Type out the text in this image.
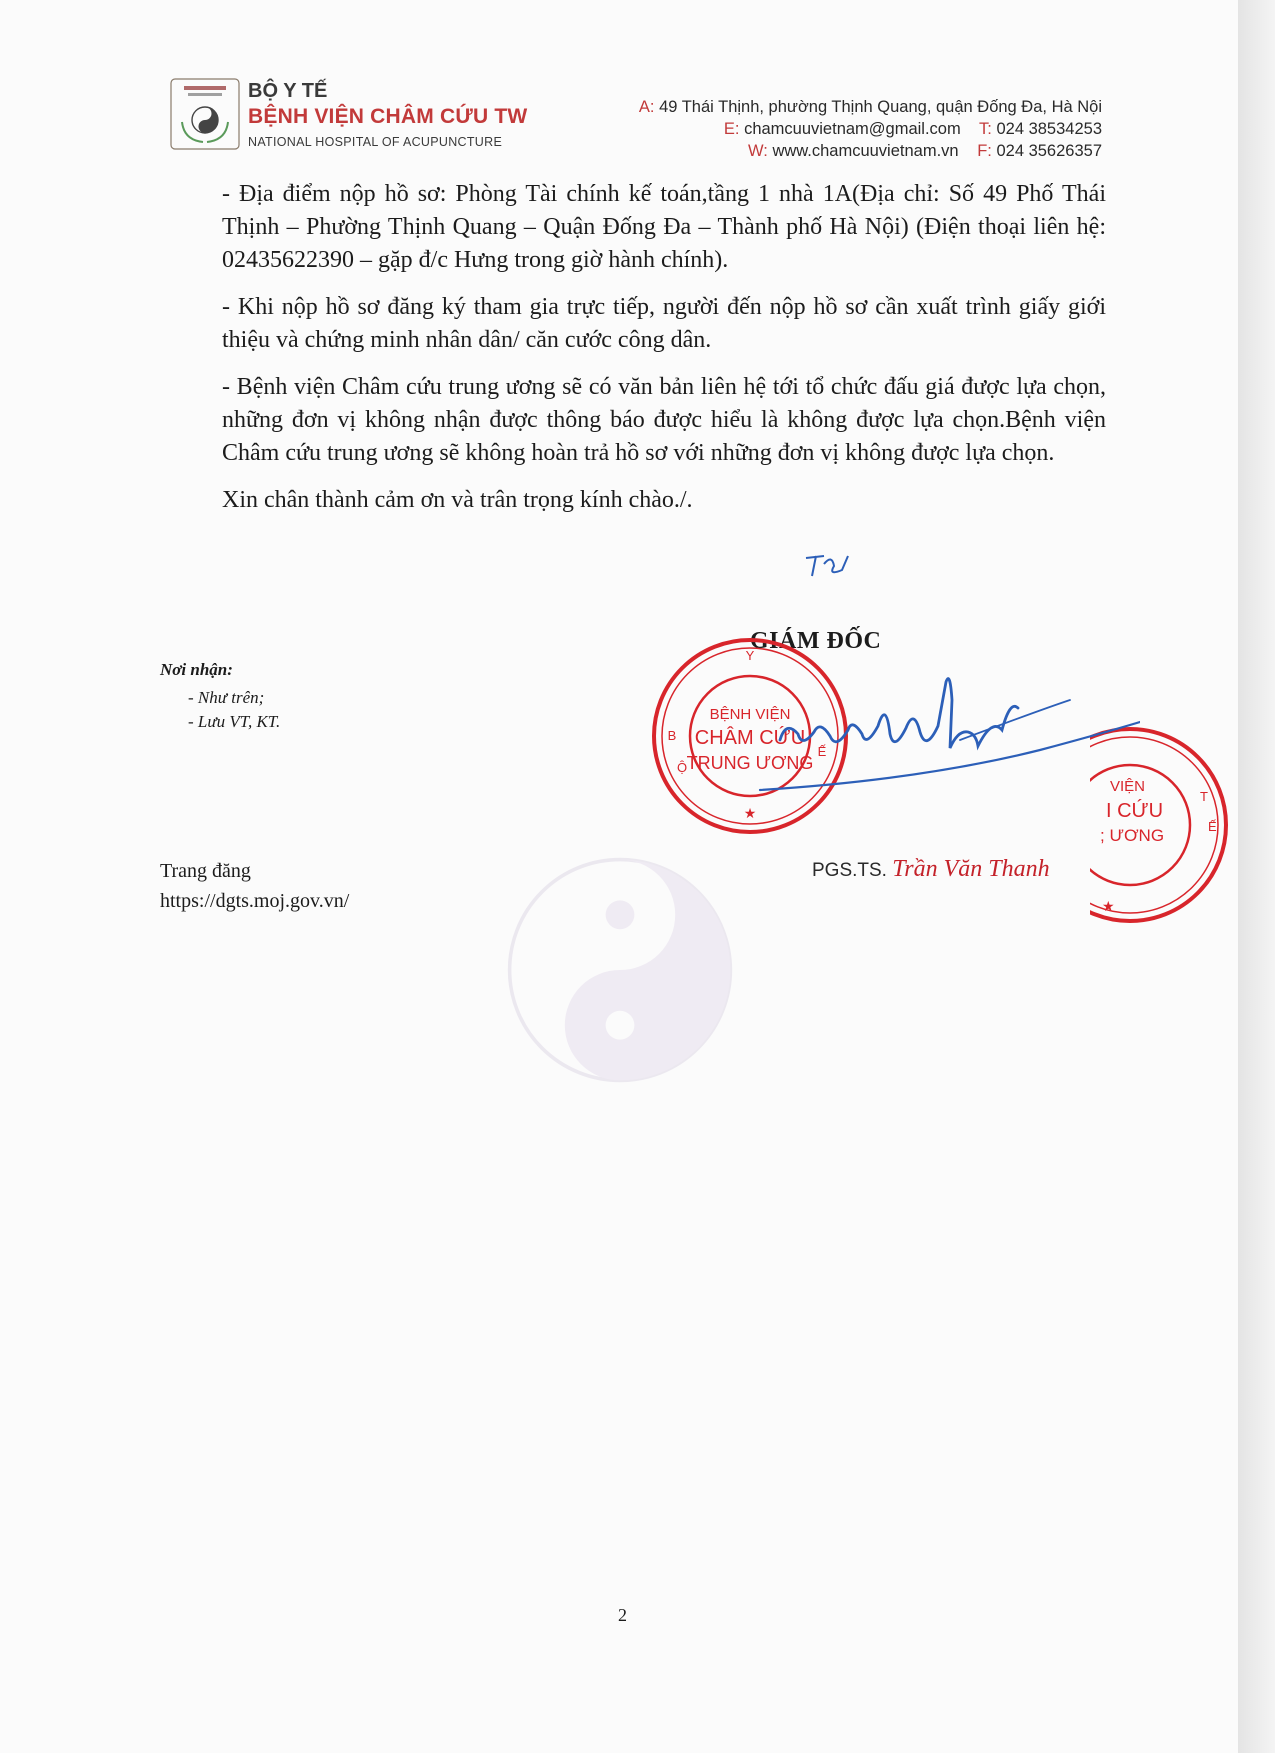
BỘ Y TẾ
BỆNH VIỆN CHÂM CỨU TW
NATIONAL HOSPITAL OF ACUPUNCTURE
A: 49 Thái Thịnh, phường Thịnh Quang, quận Đống Đa, Hà Nội
E: chamcuuvietnam@gmail.com T: 024 38534253
W: www.chamcuuvietnam.vn F: 024 35626357

- Địa điểm nộp hồ sơ: Phòng Tài chính kế toán,tầng 1 nhà 1A(Địa chỉ: Số 49 Phố Thái Thịnh – Phường Thịnh Quang – Quận Đống Đa – Thành phố Hà Nội) (Điện thoại liên hệ: 02435622390 – gặp đ/c Hưng trong giờ hành chính).

- Khi nộp hồ sơ đăng ký tham gia trực tiếp, người đến nộp hồ sơ cần xuất trình giấy giới thiệu và chứng minh nhân dân/ căn cước công dân.

- Bệnh viện Châm cứu trung ương sẽ có văn bản liên hệ tới tổ chức đấu giá được lựa chọn, những đơn vị không nhận được thông báo được hiểu là không được lựa chọn.Bệnh viện Châm cứu trung ương sẽ không hoàn trả hồ sơ với những đơn vị không được lựa chọn.

Xin chân thành cảm ơn và trân trọng kính chào./.

GIÁM ĐỐC
Nơi nhận:
- Như trên;
- Lưu VT, KT.
Trang đăng
https://dgts.moj.gov.vn/
Y
B
Ộ
Ế
★
BỆNH VIỆN
CHÂM CỨU
TRUNG ƯƠNG
VIỆN
I CỨU
; ƯƠNG
T
Ế
★
PGS.TS. Trần Văn Thanh
2
